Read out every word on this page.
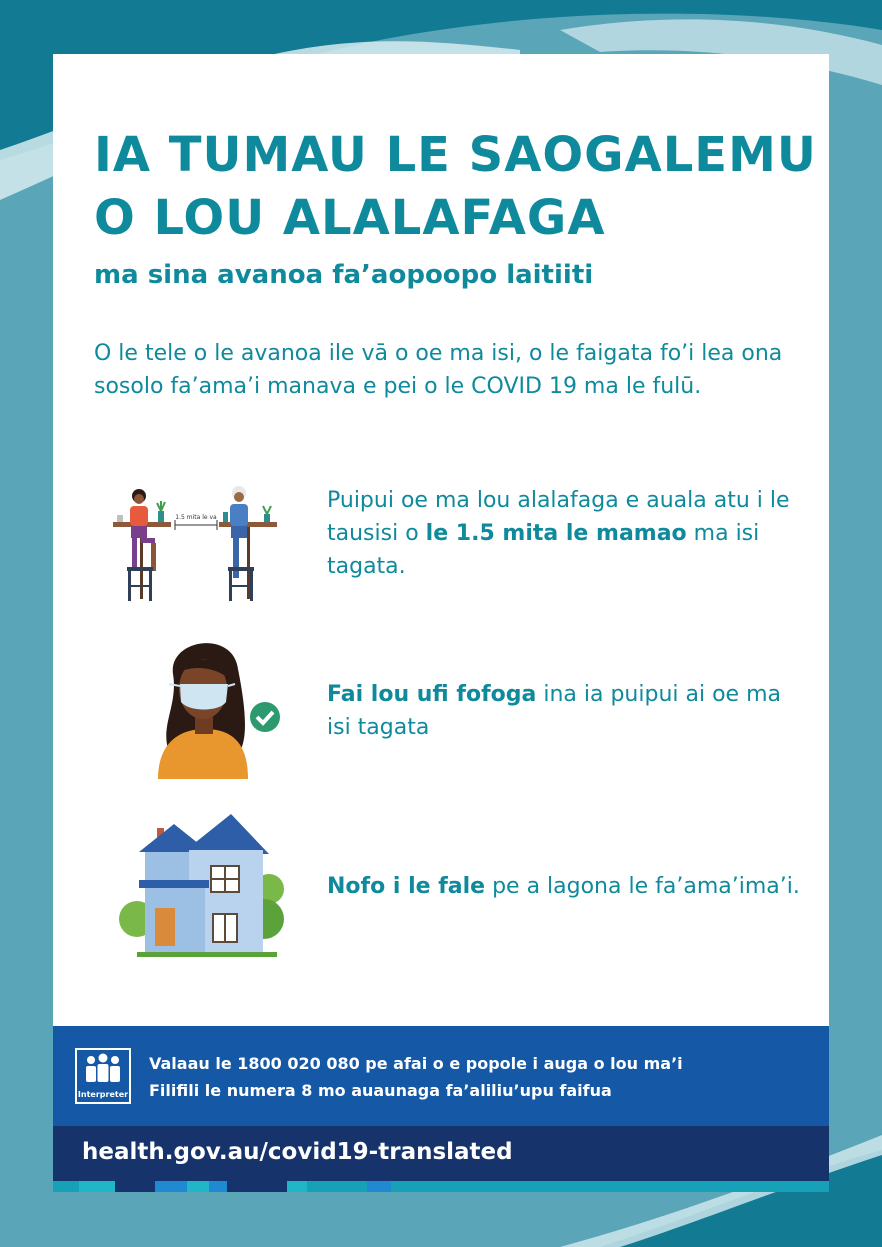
IA TUMAU LE SAOGALEMU
O LOU ALALAFAGA

ma sina avanoa fa’aopoopo laitiiti

O le tele o le avanoa ile vā o oe ma isi, o le faigata fo’i lea ona sosolo fa’ama’i manava e pei o le COVID 19 ma le fulū.

1.5 mita le va

Puipui oe ma lou alalafaga e auala atu i le tausisi o le 1.5 mita le mamao ma isi tagata.

Fai lou ufi fofoga ina ia puipui ai oe ma isi tagata

Nofo i le fale pe a lagona le fa’ama’ima’i.

Interpreter

Valaau le 1800 020 080 pe afai o e popole i auga o lou ma’i

Filifili le numera 8 mo auaunaga fa’aliliu’upu faifua

health.gov.au/covid19-translated
